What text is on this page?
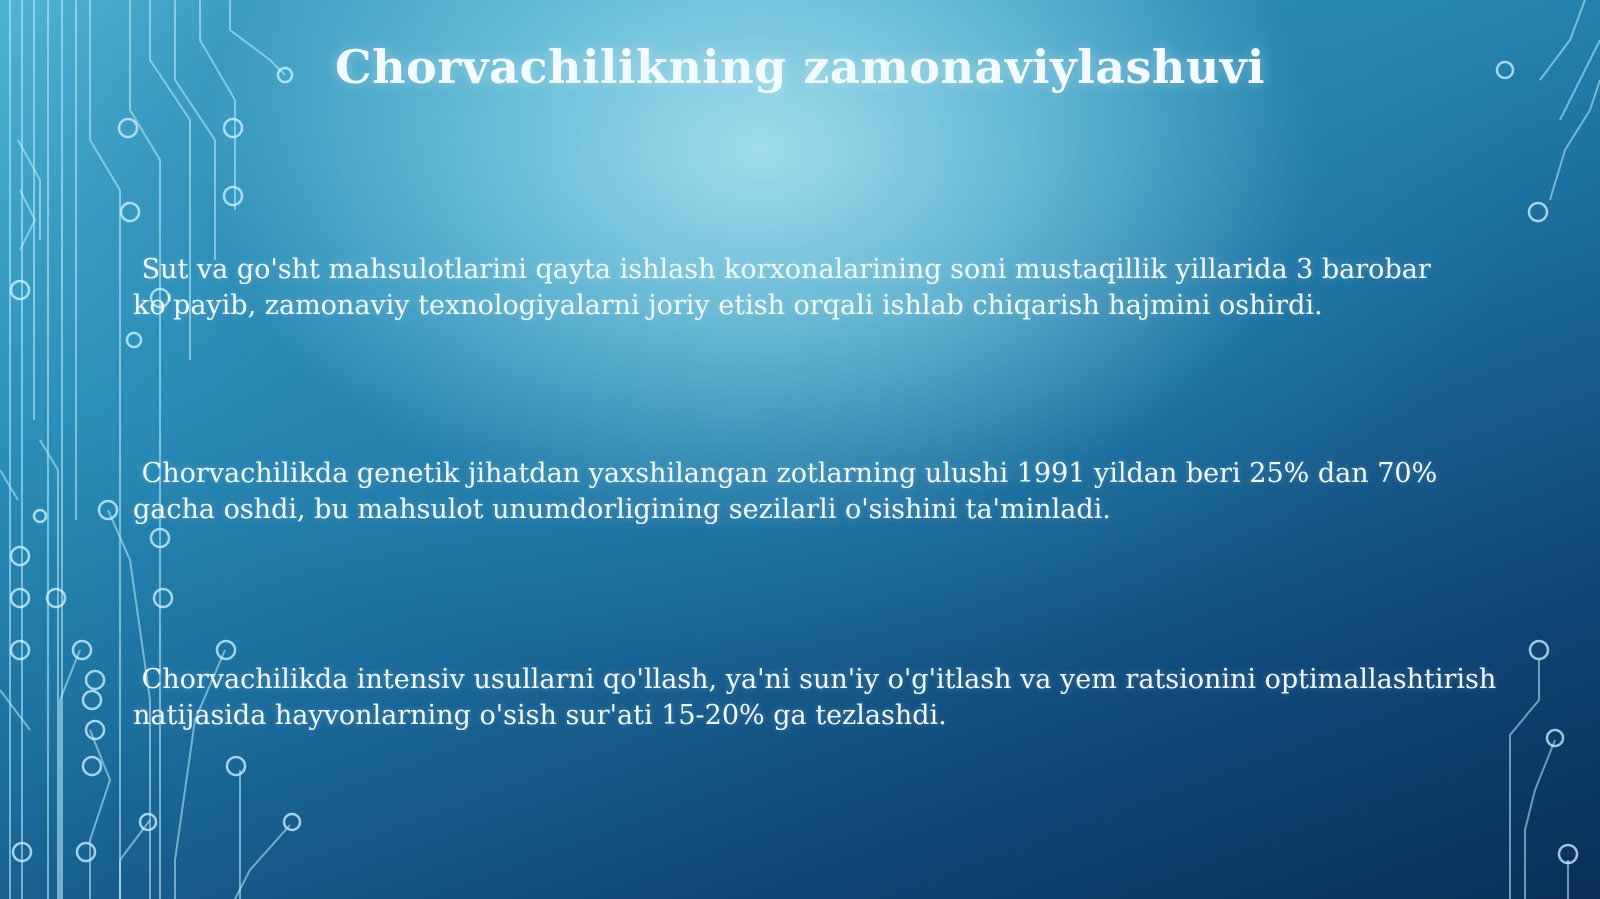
Chorvachilikning zamonaviylashuvi
Sut va go'sht mahsulotlarini qayta ishlash korxonalarining soni mustaqillik yillarida 3 barobar ko'payib, zamonaviy texnologiyalarni joriy etish orqali ishlab chiqarish hajmini oshirdi.
Chorvachilikda genetik jihatdan yaxshilangan zotlarning ulushi 1991 yildan beri 25% dan 70% gacha oshdi, bu mahsulot unumdorligining sezilarli o'sishini ta'minladi.
Chorvachilikda intensiv usullarni qo'llash, ya'ni sun'iy o'g'itlash va yem ratsionini optimallashtirish natijasida hayvonlarning o'sish sur'ati 15-20% ga tezlashdi.
